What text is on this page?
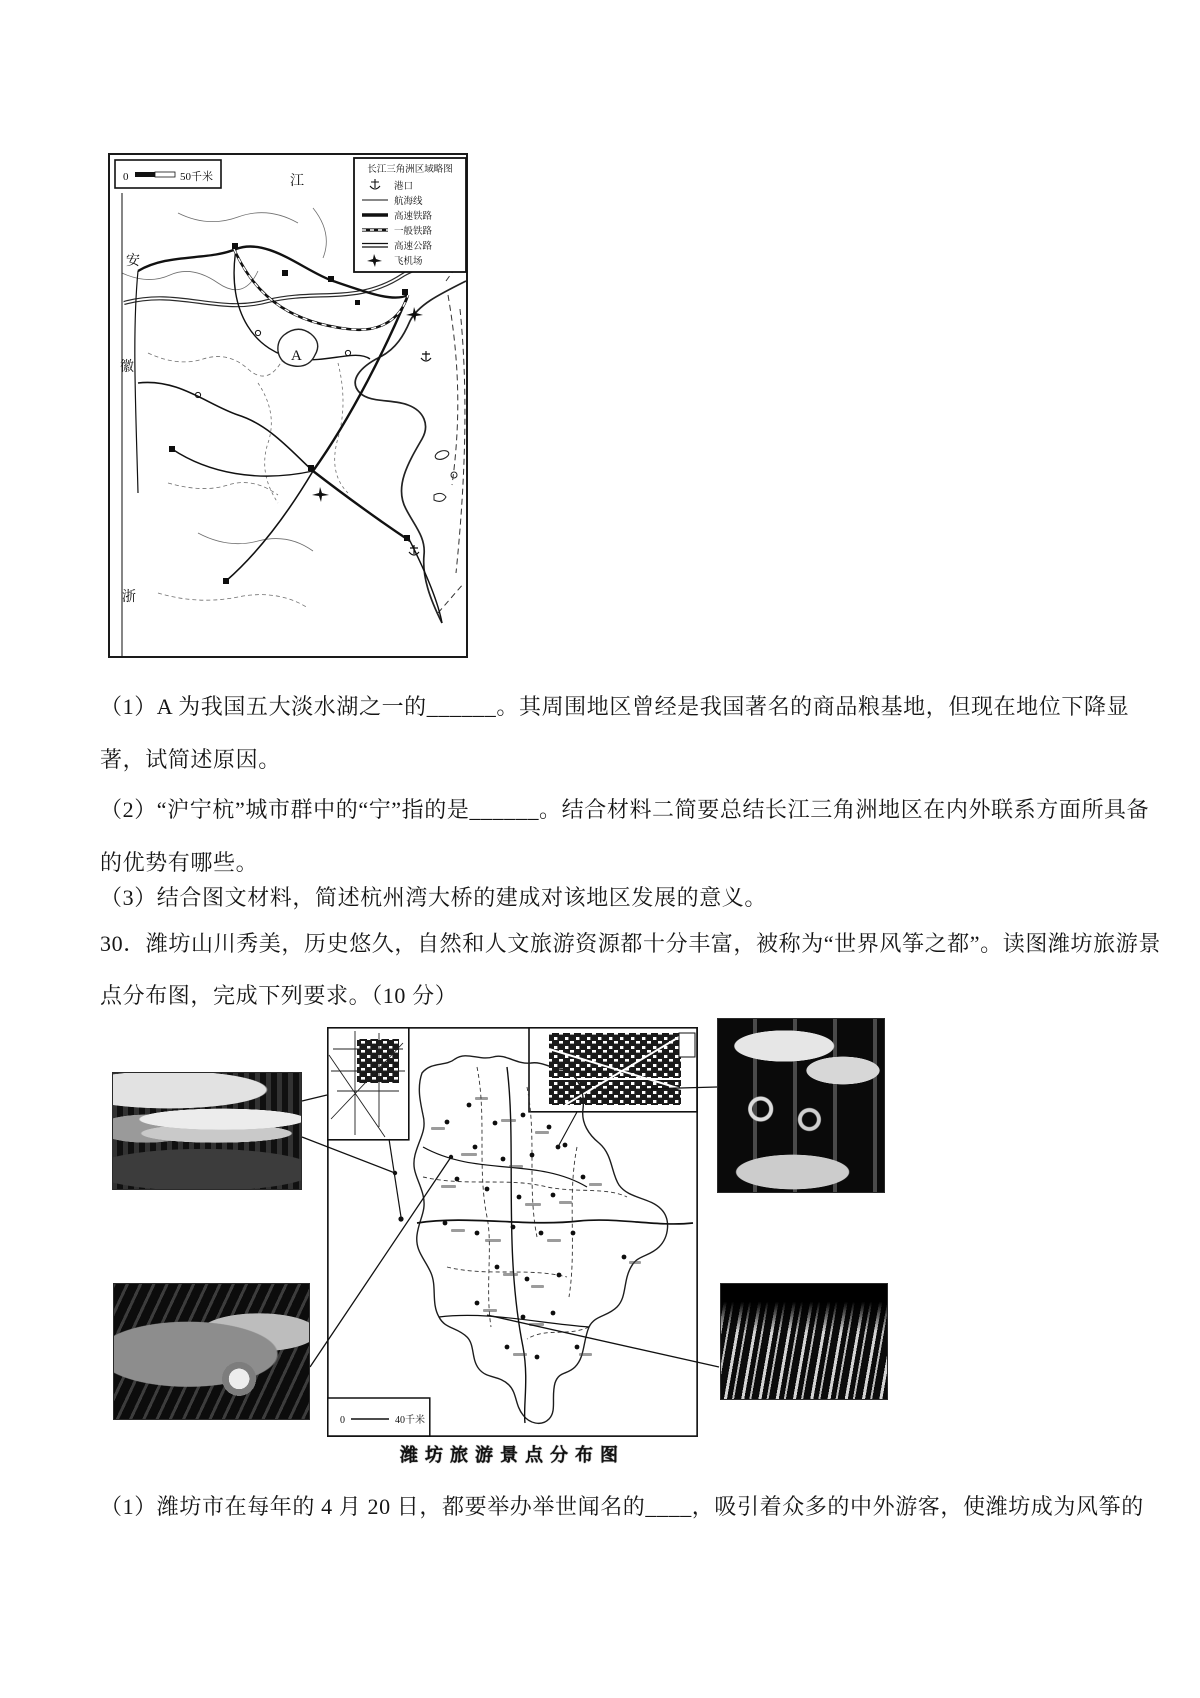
A
安
徽
江
浙
0	50千米
长江三角洲区域略图
港口
航海线
高速铁路
一般铁路
高速公路
飞机场
（1）A 为我国五大淡水湖之一的______。其周围地区曾经是我国著名的商品粮基地，但现在地位下降显
著，试简述原因。
（2）“沪宁杭”城市群中的“宁”指的是______。结合材料二简要总结长江三角洲地区在内外联系方面所具备
的优势有哪些。
（3）结合图文材料，简述杭州湾大桥的建成对该地区发展的意义。
30．潍坊山川秀美，历史悠久，自然和人文旅游资源都十分丰富，被称为“世界风筝之都”。读图潍坊旅游景
点分布图，完成下列要求。（10 分）
（1）潍坊市在每年的 4 月 20 日，都要举办举世闻名的____，吸引着众多的中外游客，使潍坊成为风筝的
0	40千米
潍坊旅游景点分布图
